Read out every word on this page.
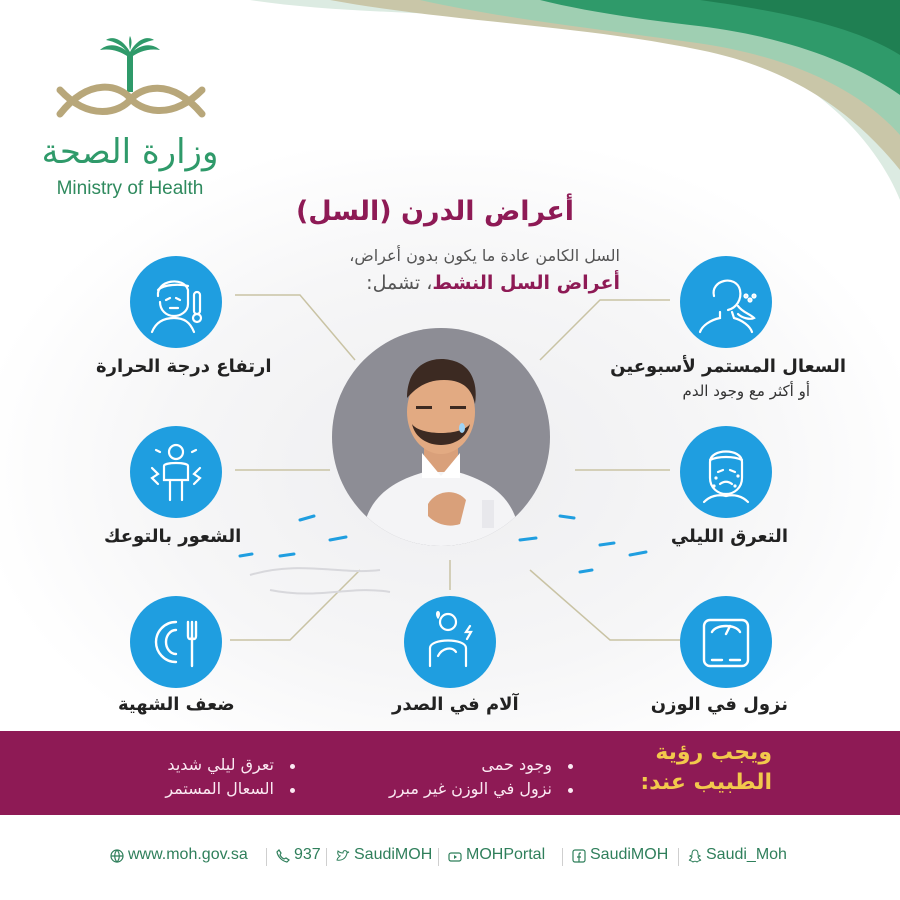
وزارة الصحة
Ministry of Health
أعراض الدرن (السل)
السل الكامن عادة ما يكون بدون أعراض،
أعراض السل النشط، تشمل:
السعال المستمر لأسبوعين
أو أكثر مع وجود الدم
ارتفاع درجة الحرارة
التعرق الليلي
الشعور بالتوعك
نزول في الوزن
آلام في الصدر
ضعف الشهية
ويجب رؤية
الطبيب عند:
وجود حمى
نزول في الوزن غير مبرر
تعرق ليلي شديد
السعال المستمر
www.moh.gov.sa	937 SaudiMOH MOHPortal	SaudiMOH Saudi_Moh
